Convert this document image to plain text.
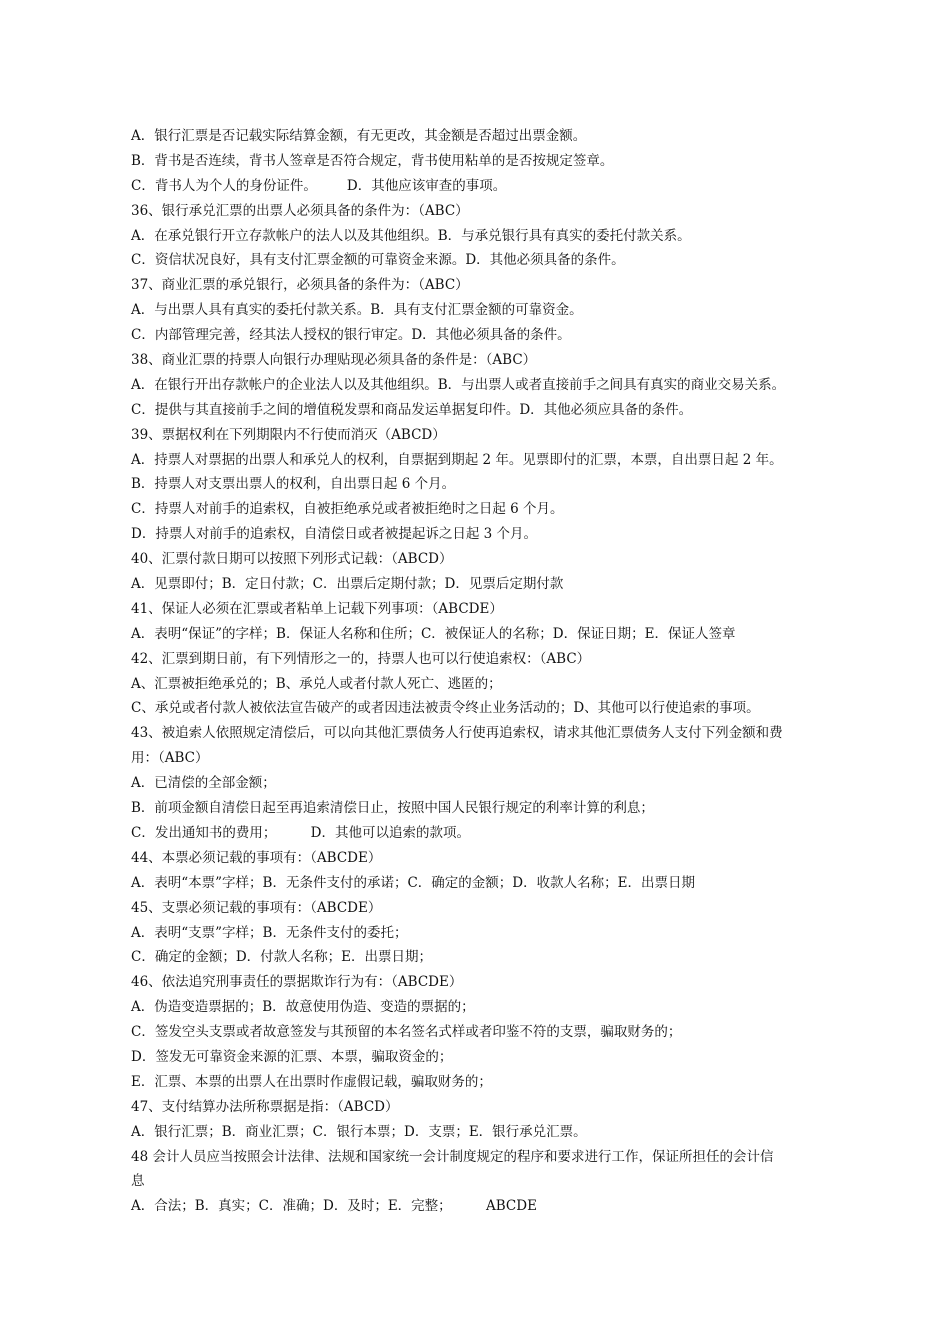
A．银行汇票是否记载实际结算金额，有无更改，其金额是否超过出票金额。
B．背书是否连续，背书人签章是否符合规定，背书使用粘单的是否按规定签章。
C．背书人为个人的身份证件。       D．其他应该审查的事项。
36、银行承兑汇票的出票人必须具备的条件为：（ABC）
A．在承兑银行开立存款帐户的法人以及其他组织。B．与承兑银行具有真实的委托付款关系。
C．资信状况良好，具有支付汇票金额的可靠资金来源。D．其他必须具备的条件。
37、商业汇票的承兑银行，必须具备的条件为：（ABC）
A．与出票人具有真实的委托付款关系。B．具有支付汇票金额的可靠资金。
C．内部管理完善，经其法人授权的银行审定。D．其他必须具备的条件。
38、商业汇票的持票人向银行办理贴现必须具备的条件是：（ABC）
A．在银行开出存款帐户的企业法人以及其他组织。B．与出票人或者直接前手之间具有真实的商业交易关系。
C．提供与其直接前手之间的增值税发票和商品发运单据复印件。D．其他必须应具备的条件。
39、票据权利在下列期限内不行使而消灭（ABCD）
A．持票人对票据的出票人和承兑人的权利，自票据到期起 2 年。见票即付的汇票，本票，自出票日起 2 年。
B．持票人对支票出票人的权利，自出票日起 6 个月。
C．持票人对前手的追索权，自被拒绝承兑或者被拒绝时之日起 6 个月。
D．持票人对前手的追索权，自清偿日或者被提起诉之日起 3 个月。
40、汇票付款日期可以按照下列形式记载：（ABCD）
A．见票即付；B．定日付款；C．出票后定期付款；D．见票后定期付款
41、保证人必须在汇票或者粘单上记载下列事项：（ABCDE）
A．表明“保证”的字样；B．保证人名称和住所；C．被保证人的名称；D．保证日期；E．保证人签章
42、汇票到期日前，有下列情形之一的，持票人也可以行使追索权：（ABC）
A、汇票被拒绝承兑的；B、承兑人或者付款人死亡、逃匿的；
C、承兑或者付款人被依法宣告破产的或者因违法被责令终止业务活动的；D、其他可以行使追索的事项。
43、被追索人依照规定清偿后，可以向其他汇票债务人行使再追索权，请求其他汇票债务人支付下列金额和费
用：（ABC）
A．已清偿的全部金额；
B．前项金额自清偿日起至再追索清偿日止，按照中国人民银行规定的利率计算的利息；
C．发出通知书的费用；        D．其他可以追索的款项。
44、本票必须记载的事项有：（ABCDE）
A．表明“本票”字样；B．无条件支付的承诺；C．确定的金额；D．收款人名称；E．出票日期
45、支票必须记载的事项有：（ABCDE）
A．表明“支票”字样；B．无条件支付的委托；
C．确定的金额；D．付款人名称；E．出票日期；
46、依法追究刑事责任的票据欺诈行为有：（ABCDE）
A．伪造变造票据的；B．故意使用伪造、变造的票据的；
C．签发空头支票或者故意签发与其预留的本名签名式样或者印鉴不符的支票，骗取财务的；
D．签发无可靠资金来源的汇票、本票，骗取资金的；
E．汇票、本票的出票人在出票时作虚假记载，骗取财务的；
47、支付结算办法所称票据是指：（ABCD）
A．银行汇票；B．商业汇票；C．银行本票；D．支票；E．银行承兑汇票。
48 会计人员应当按照会计法律、法规和国家统一会计制度规定的程序和要求进行工作，保证所担任的会计信
息
A．合法；B．真实；C．准确；D．及时；E．完整；        ABCDE
